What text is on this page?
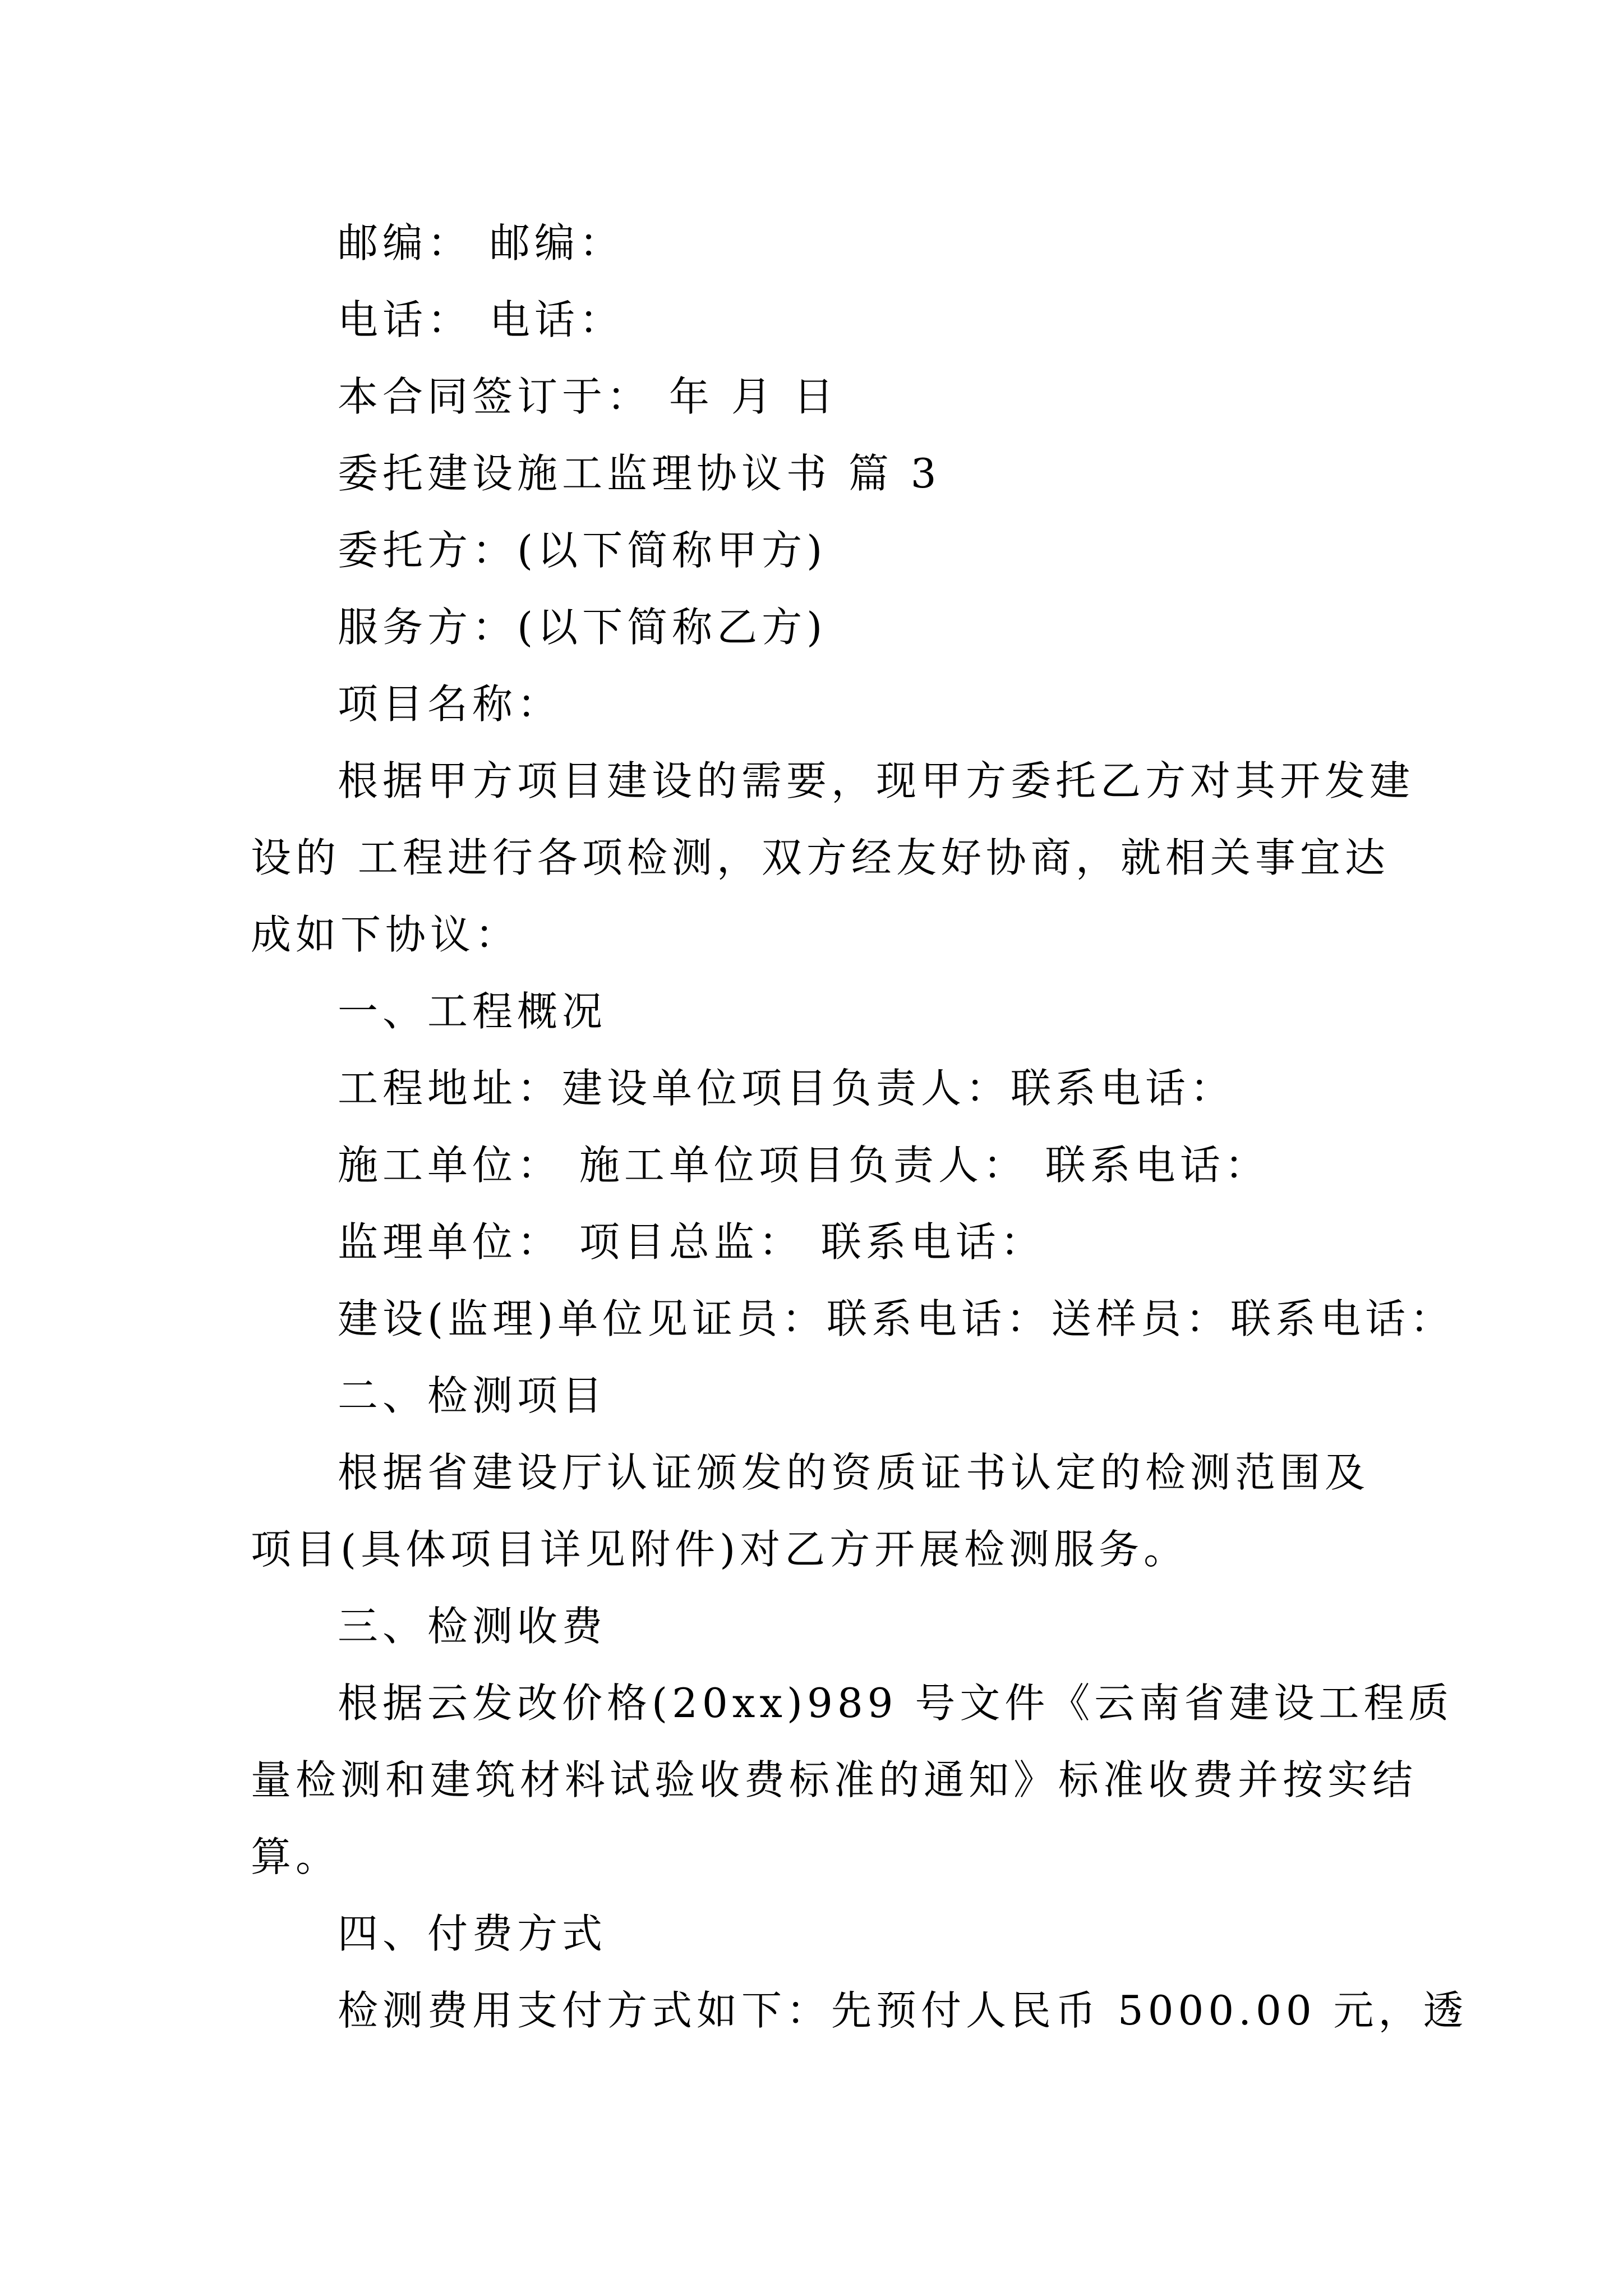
邮编： 邮编：
电话： 电话：
本合同签订于： 年 月 日
委托建设施工监理协议书 篇 3
委托方：(以下简称甲方)
服务方：(以下简称乙方)
项目名称：
根据甲方项目建设的需要，现甲方委托乙方对其开发建
设的 工程进行各项检测，双方经友好协商，就相关事宜达
成如下协议：
一、工程概况
工程地址：建设单位项目负责人：联系电话：
施工单位： 施工单位项目负责人： 联系电话：
监理单位： 项目总监： 联系电话：
建设(监理)单位见证员：联系电话：送样员：联系电话：
二、检测项目
根据省建设厅认证颁发的资质证书认定的检测范围及
项目(具体项目详见附件)对乙方开展检测服务。
三、检测收费
根据云发改价格(20xx)989 号文件《云南省建设工程质
量检测和建筑材料试验收费标准的通知》标准收费并按实结
算。
四、付费方式
检测费用支付方式如下：先预付人民币 5000.00 元，透
